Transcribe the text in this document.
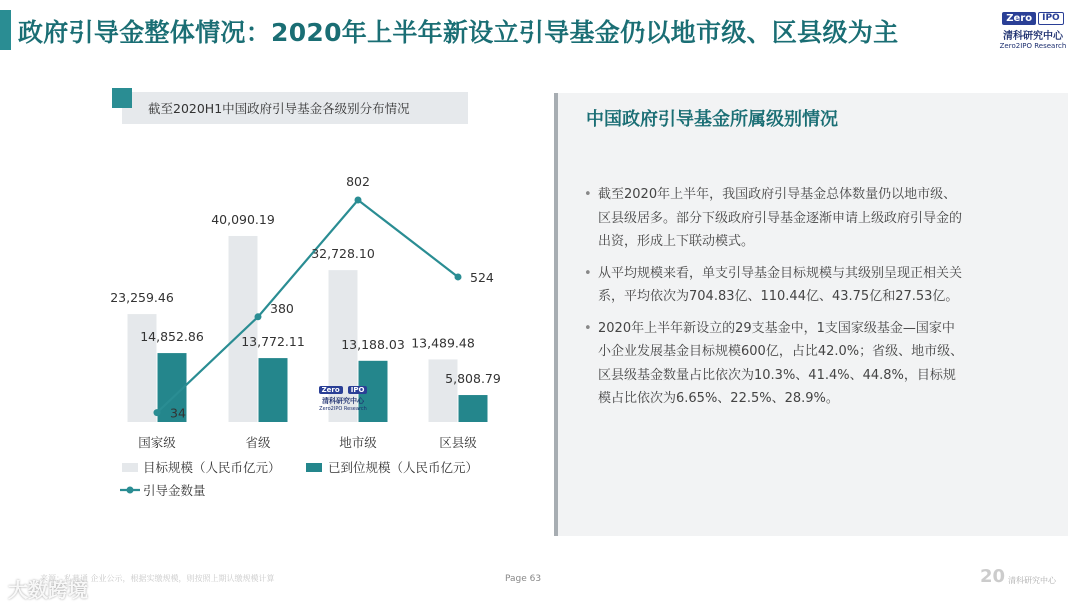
政府引导金整体情况：2020年上半年新设立引导基金仍以地市级、区县级为主	Zero	IPO
清科研究中心
Zero2IPO Research
截至2020H1中国政府引导基金各级别分布情况
23,259.46
14,852.86
国家级
40,090.19
13,772.11
省级
32,728.10
13,188.03
地市级
13,489.48
5,808.79
区县级
34
380
802
524
目标规模（人民币亿元）	已到位规模（人民币亿元）
引导金数量
Zero IPO
清科研究中心
Zero2IPO Research
中国政府引导基金所属级别情况
• 截至2020年上半年，我国政府引导基金总体数量仍以地市级、区县级居多。部分下级政府引导基金逐渐申请上级政府引导金的出资，形成上下联动模式。
• 从平均规模来看，单支引导基金目标规模与其级别呈现正相关关系，平均依次为704.83亿、110.44亿、43.75亿和27.53亿。
• 2020年上半年新设立的29支基金中，1支国家级基金—国家中小企业发展基金目标规模600亿，占比42.0%；省级、地市级、区县级基金数量占比依次为10.3%、41.4%、44.8%，目标规模占比依次为6.65%、22.5%、28.9%。
大数跨境
来源：私募通 企业公示，根据实缴规模，则按照上期认缴规模计算	Page 63	20 清科研究中心
